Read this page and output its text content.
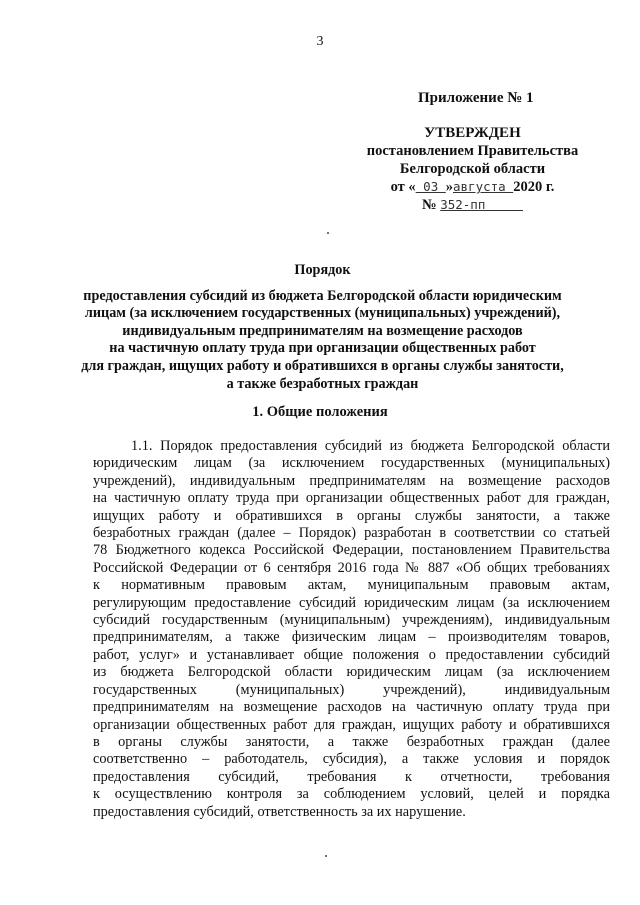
3
Приложение № 1
УТВЕРЖДЕН
постановлением Правительства
Белгородской области
от « 03 »августа 2020 г.
№ 352-пп
Порядок
предоставления субсидий из бюджета Белгородской области юридическим
лицам (за исключением государственных (муниципальных) учреждений),
индивидуальным предпринимателям на возмещение расходов
на частичную оплату труда при организации общественных работ
для граждан, ищущих работу и обратившихся в органы службы занятости,
а также безработных граждан
1. Общие положения
1.1. Порядок предоставления субсидий из бюджета Белгородской области
юридическим лицам (за исключением государственных (муниципальных)
учреждений), индивидуальным предпринимателям на возмещение расходов
на частичную оплату труда при организации общественных работ для граждан,
ищущих работу и обратившихся в органы службы занятости, а также
безработных граждан (далее – Порядок) разработан в соответствии со статьей
78 Бюджетного кодекса Российской Федерации, постановлением Правительства
Российской Федерации от 6 сентября 2016 года № 887 «Об общих требованиях
к нормативным правовым актам, муниципальным правовым актам,
регулирующим предоставление субсидий юридическим лицам (за исключением
субсидий государственным (муниципальным) учреждениям), индивидуальным
предпринимателям, а также физическим лицам – производителям товаров,
работ, услуг» и устанавливает общие положения о предоставлении субсидий
из бюджета Белгородской области юридическим лицам (за исключением
государственных (муниципальных) учреждений), индивидуальным
предпринимателям на возмещение расходов на частичную оплату труда при
организации общественных работ для граждан, ищущих работу и обратившихся
в органы службы занятости, а также безработных граждан (далее
соответственно – работодатель, субсидия), а также условия и порядок
предоставления субсидий, требования к отчетности, требования
к осуществлению контроля за соблюдением условий, целей и порядка
предоставления субсидий, ответственность за их нарушение.
